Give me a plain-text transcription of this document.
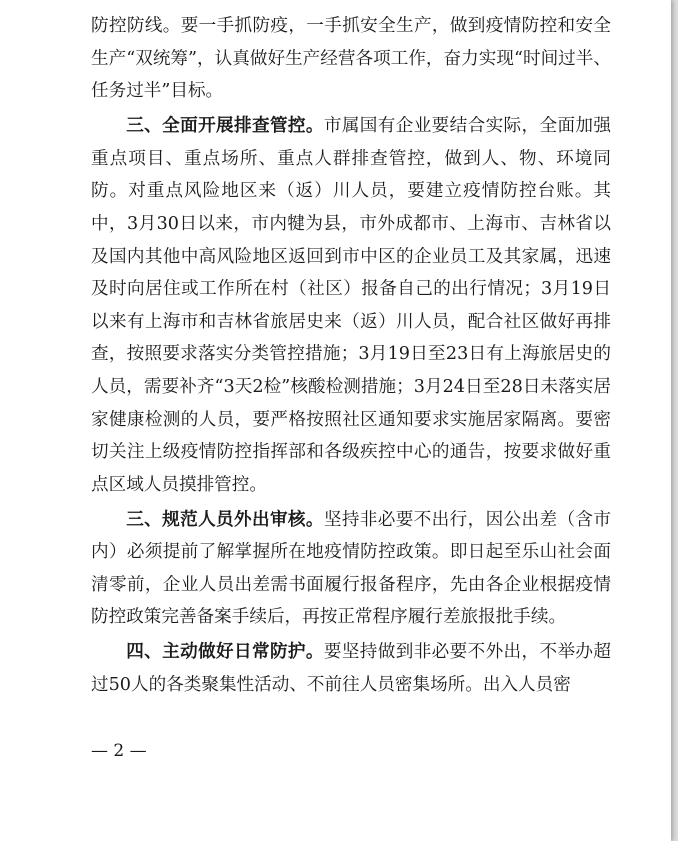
防控防线。要一手抓防疫，一手抓安全生产，做到疫情防控和安全生产“双统筹”，认真做好生产经营各项工作，奋力实现“时间过半、任务过半”目标。

三、全面开展排查管控。市属国有企业要结合实际，全面加强重点项目、重点场所、重点人群排查管控，做到人、物、环境同防。对重点风险地区来（返）川人员，要建立疫情防控台账。其中，3月30日以来，市内犍为县，市外成都市、上海市、吉林省以及国内其他中高风险地区返回到市中区的企业员工及其家属，迅速及时向居住或工作所在村（社区）报备自己的出行情况；3月19日以来有上海市和吉林省旅居史来（返）川人员，配合社区做好再排查，按照要求落实分类管控措施；3月19日至23日有上海旅居史的人员，需要补齐“3天2检”核酸检测措施；3月24日至28日未落实居家健康检测的人员，要严格按照社区通知要求实施居家隔离。要密切关注上级疫情防控指挥部和各级疾控中心的通告，按要求做好重点区域人员摸排管控。

三、规范人员外出审核。坚持非必要不出行，因公出差（含市内）必须提前了解掌握所在地疫情防控政策。即日起至乐山社会面清零前，企业人员出差需书面履行报备程序，先由各企业根据疫情防控政策完善备案手续后，再按正常程序履行差旅报批手续。

四、主动做好日常防护。要坚持做到非必要不外出，不举办超过50人的各类聚集性活动、不前往人员密集场所。出入人员密

— 2 —
